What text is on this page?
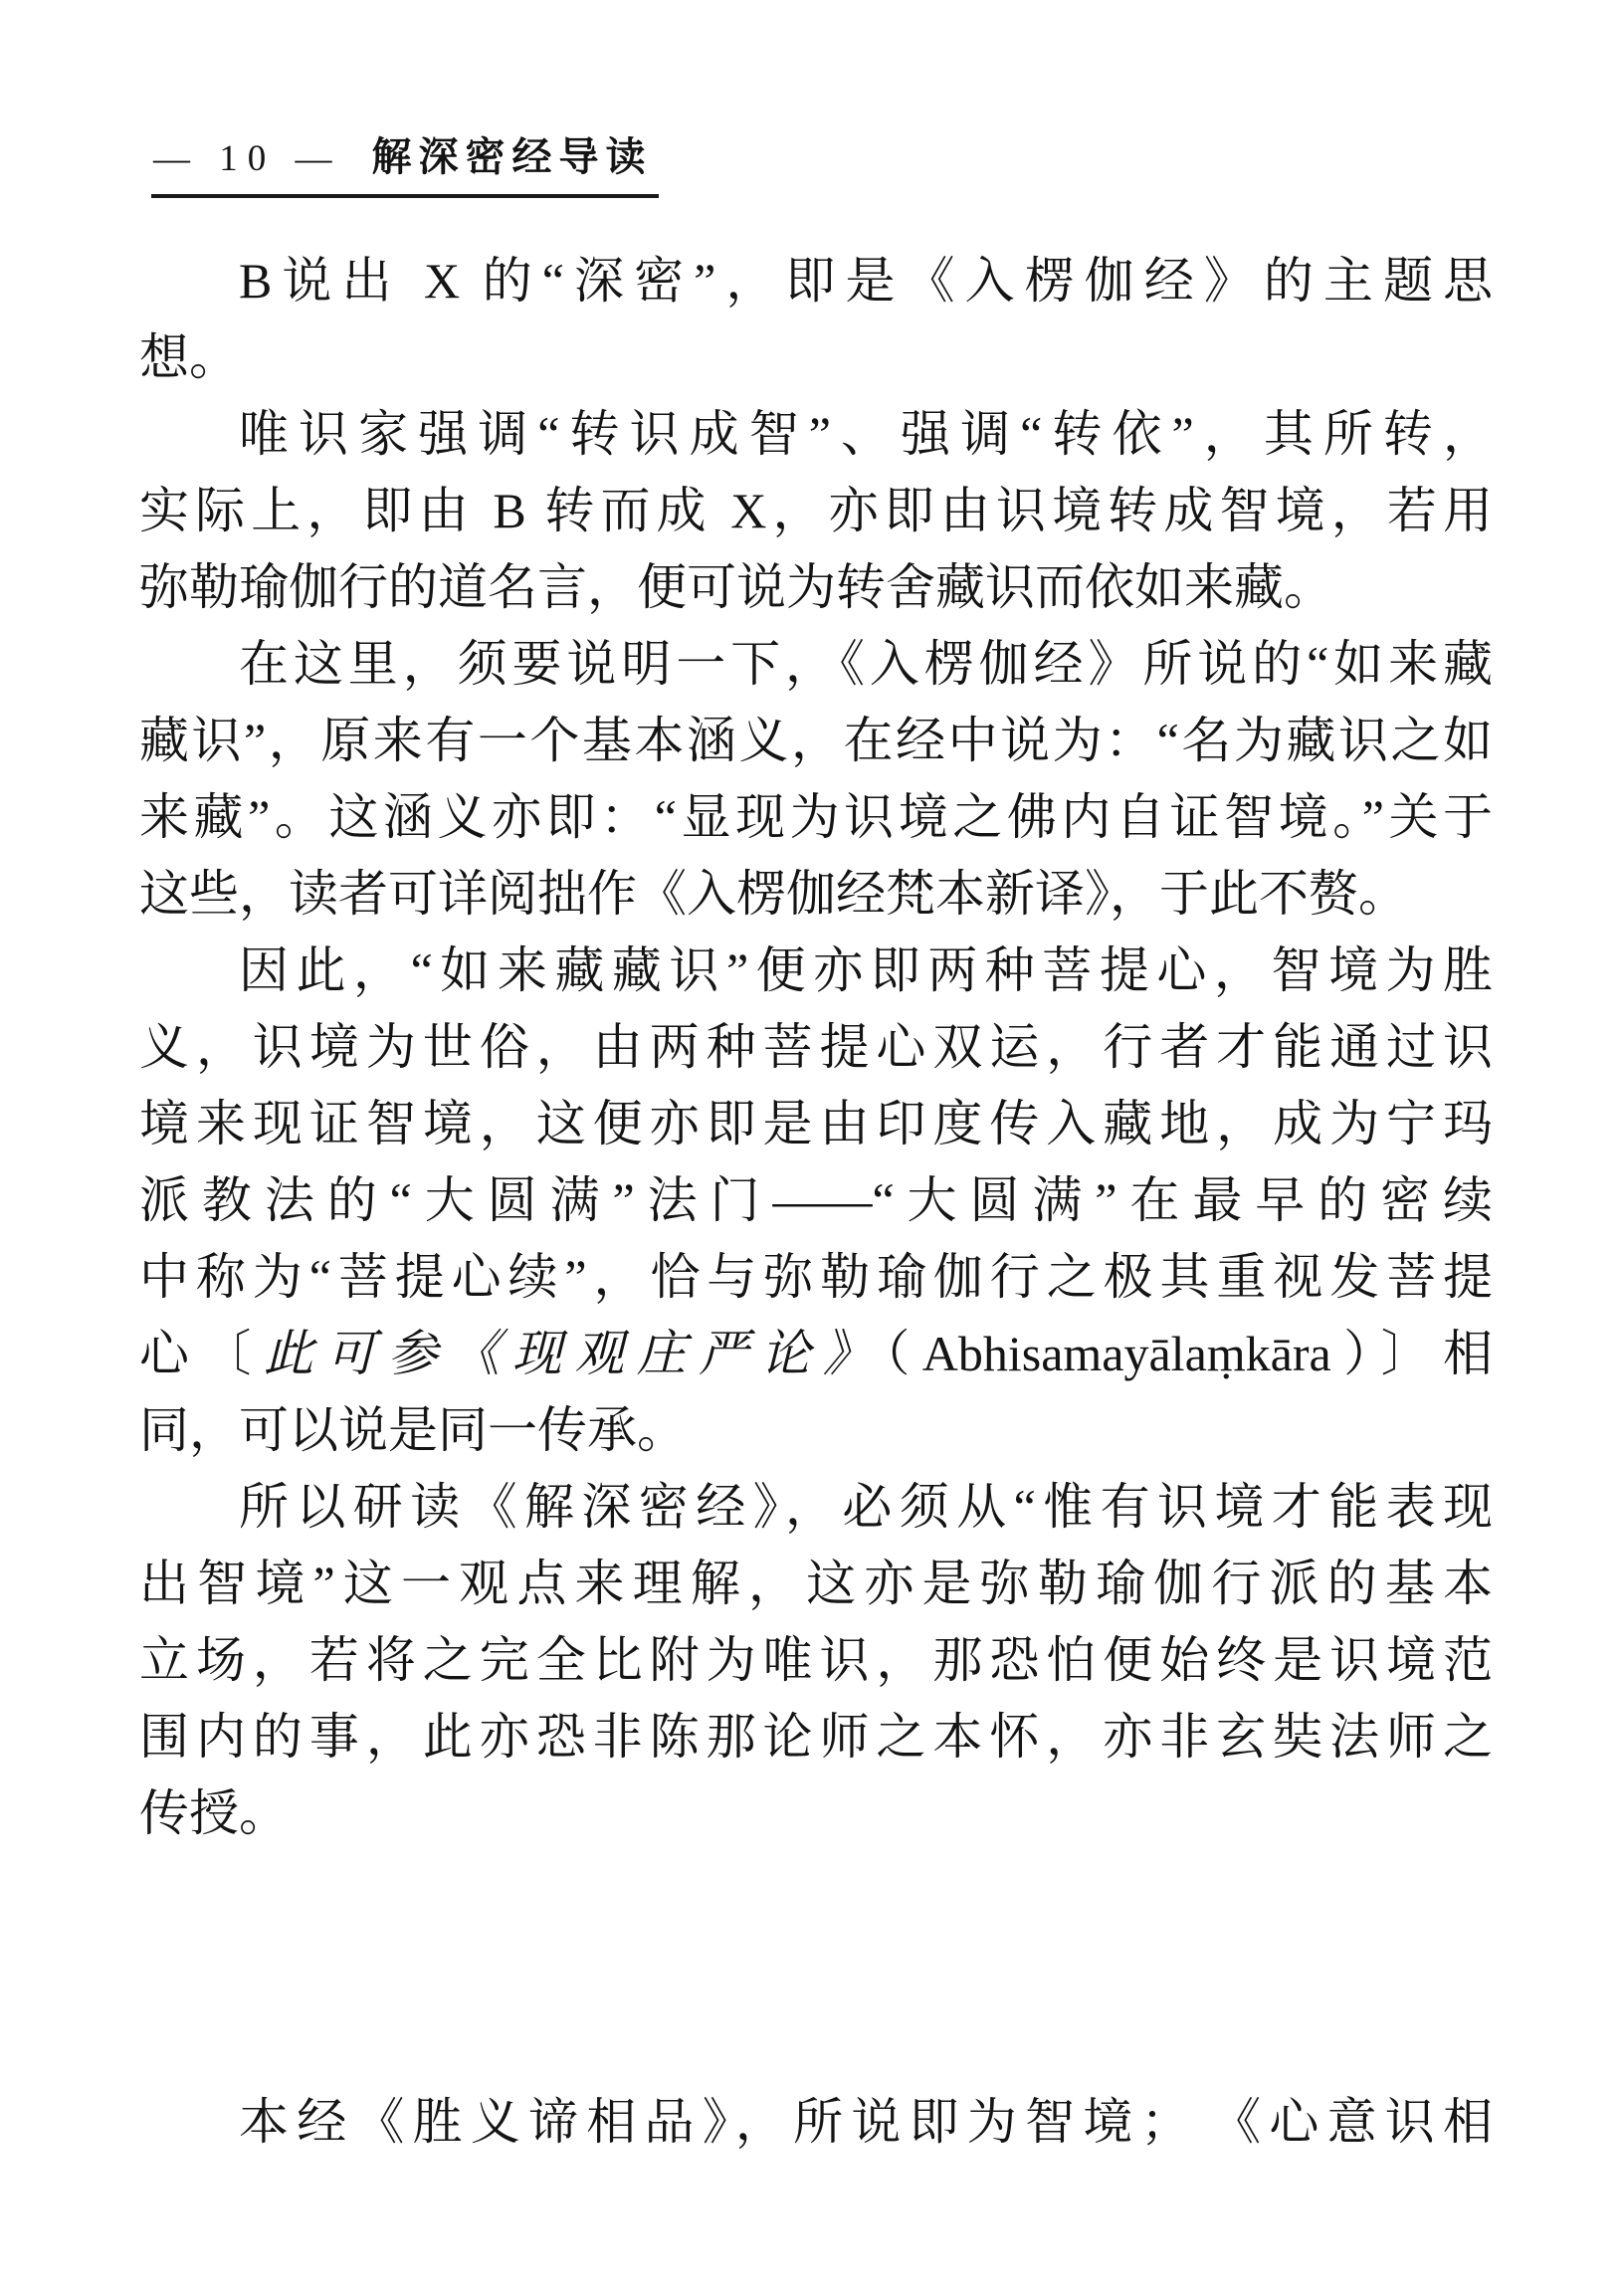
— 10 — 解深密经导读
B说出 X 的“深密”，即是《入楞伽经》的主题思
想。
唯识家强调“转识成智”、强调“转依”，其所转，
实际上，即由 B 转而成 X，亦即由识境转成智境，若用
弥勒瑜伽行的道名言，便可说为转舍藏识而依如来藏。
在这里，须要说明一下，《入楞伽经》所说的“如来藏
藏识”，原来有一个基本涵义，在经中说为：“名为藏识之如
来藏”。这涵义亦即：“显现为识境之佛内自证智境。”关于
这些，读者可详阅拙作《入楞伽经梵本新译》，于此不赘。
因此，“如来藏藏识”便亦即两种菩提心，智境为胜
义，识境为世俗，由两种菩提心双运，行者才能通过识
境来现证智境，这便亦即是由印度传入藏地，成为宁玛
派教法的“大圆满”法门——“大圆满”在最早的密续
中称为“菩提心续”，恰与弥勒瑜伽行之极其重视发菩提
心〔此可参《现观庄严论》（Abhisamayālaṃkāra）〕相
同，可以说是同一传承。
所以研读《解深密经》，必须从“惟有识境才能表现
出智境”这一观点来理解，这亦是弥勒瑜伽行派的基本
立场，若将之完全比附为唯识，那恐怕便始终是识境范
围内的事，此亦恐非陈那论师之本怀，亦非玄奘法师之
传授。
本经《胜义谛相品》，所说即为智境； 《心意识相
